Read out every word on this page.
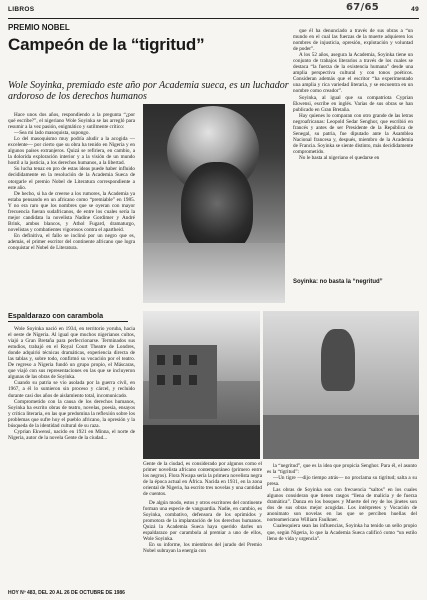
LIBROS	67/65	49
PREMIO NOBEL
Campeón de la “tigritud”
Wole Soyinka, premiado este año por Academia sueca, es un luchador ardoroso de los derechos humanos

Hace unos dos años, respondiendo a la pregunta “¿por qué escribe?”, el nigeriano Wole Soyinka se las arregló para resumir a la vez pasión, enigmático y sutilmente crítico:

—Sea mi lado masoquista, supongo.

Lo del masoquismo muy podría aludir a la acogida —excelente— por cierto que su obra ha tenido en Nigeria y en algunos países extranjeros. Quizá se refiriera, en cambio, a la dolorida exploración interior y a la visión de un mundo hostil a la justicia, a los derechos humanos, a la libertad.

Su lucha tenaz en pro de estas ideas puede haber influido decididamente en la resolución de la Academia Sueca de otorgarle el premio Nobel de Literatura correspondiente a este año.

De hecho, si ha de creerse a los rumores, la Academia ya estaba pensando en un africano como “premiable” en 1985. Y no era raro que los nombres que se oyeran con mayor frecuencia fueran sudafricanos, de entre los cuales sería la mejor candidata la novelista Nadine Gordimer y André Brink, ambos blancos, y Athol Fugard, dramaturgo, novelistas y combatientes vigorosos contra el apartheid.

En definitiva, el fallo se inclinó por un negro que es, además, el primer escritor del continente africano que logra conquistar el Nobel de Literatura.

Espaldarazo con carambola

Wole Soyinka nació en 1934, en territorio yoruba, hacia el oeste de Nigeria. Al igual que muchos nigerianos cultos, viajó a Gran Bretaña para perfeccionarse. Terminados sus estudios, trabajó en el Royal Court Theatre de Londres, donde adquirió técnicas dramáticas, experiencia directa de las tablas y, sobre todo, confirmó su vocación por el teatro. De regreso a Nigeria fundó un grupo propio, el Máscaras, que viajó con sus representaciones en las que se incluyeron algunas de las obras de Soyinka.

Cuando su patria se vio asolada por la guerra civil, en 1967, a él lo sumieron sin proceso y cárcel, y recluido durante casi dos años de aislamiento total, incomunicado.

Comprometido con la causa de los derechos humanos, Soyinka ha escrito obras de teatro, novelas, poesía, ensayos y crítica literaria, en las que predomina la reflexión sobre los problemas que sufre hoy el pueblo africano, la opresión y la búsqueda de la identidad cultural de su raza.

Cyprian Ekwensi, nacido en 1921 en Minna, el norte de Nigeria, autor de la novela Gente de la ciudad...

que él ha denunciado a través de sus obras a “un mundo en el cual las fuerzas de la muerte adquieren los nombres de injusticia, opresión, explotación y voluntad de poder”.

A los 52 años, asegura la Academia, Soyinka tiene un conjunto de trabajos literarios a través de los cuales se destaca “la fuerza de la existencia humana” desde una amplia perspectiva cultural y con tonos poéticos. Consideran además que el escritor “ha experimentado una amplia y rica variedad literaria, y se encuentra en un nombre como creador”.

Soyinka, al igual que su compatriota Cyprian Ekwensi, escribe en inglés. Varias de sus obras se han publicado en Gran Bretaña.

Hay quienes lo comparan con otro grande de las letras negroafricanas: Leopold Sedar Senghor, que escribió en francés y antes de ser Presidente de la República de Senegal, su patria, fue diputado ante la Asamblea Nacional francesa y, después, miembro de la Academia de Francia. Soyinka se siente distinto, más decididamente comprometido.

No le basta al nigeriano el quedarse en

Soyinka: no basta la “negritud”
Gente de la ciudad, es considerado por algunos como el primer novelista africano contemporáneo (primero entre los negros). Flora Nwapa sería la primera novelista negra de la época actual en África. Nacida en 1931, en la zona oriental de Nigeria, ha escrito tres novelas y una cantidad de cuentos.

De algún modo, estos y otros escritores del continente forman una especie de vanguardia. Nadie, en cambio, es Soyinka, combativo, defensora de los oprimidos y promotora de la implantación de los derechos humanos. Quizá la Academia Sueca haya querido darles un espaldarazo por carambola al premiar a uno de ellos, Wole Soyinka.

En su informe, los miembros del jurado del Premio Nobel subrayan la energía con

la “negritud”, que es la idea que propicia Senghor. Para él, el asunto es la “tigritud”:

—Un tigre —dijo tiempo atrás— no proclama su tigritud; salta a su presa.

Las obras de Soyinka son con frecuencia “saltos” en los cuales algunos consideran que tienen rasgos “llena de malicia y de fuerza dramática”. Danza en los bosques y Muerte del rey de los jinetes son dos de sus obras mejor acogidas. Los intérpretes y Vocación de anonimato son novelas en las que se perciben huellas del norteamericano William Faulkner.

Cualesquiera sean las influencias, Soyinka ha tenido un sello propio que, según Nigeria, lo que la Academia Sueca calificó como “un estilo lleno de vida y urgencia”.

HOY Nº 483, DEL 20 AL 26 DE OCTUBRE DE 1986
